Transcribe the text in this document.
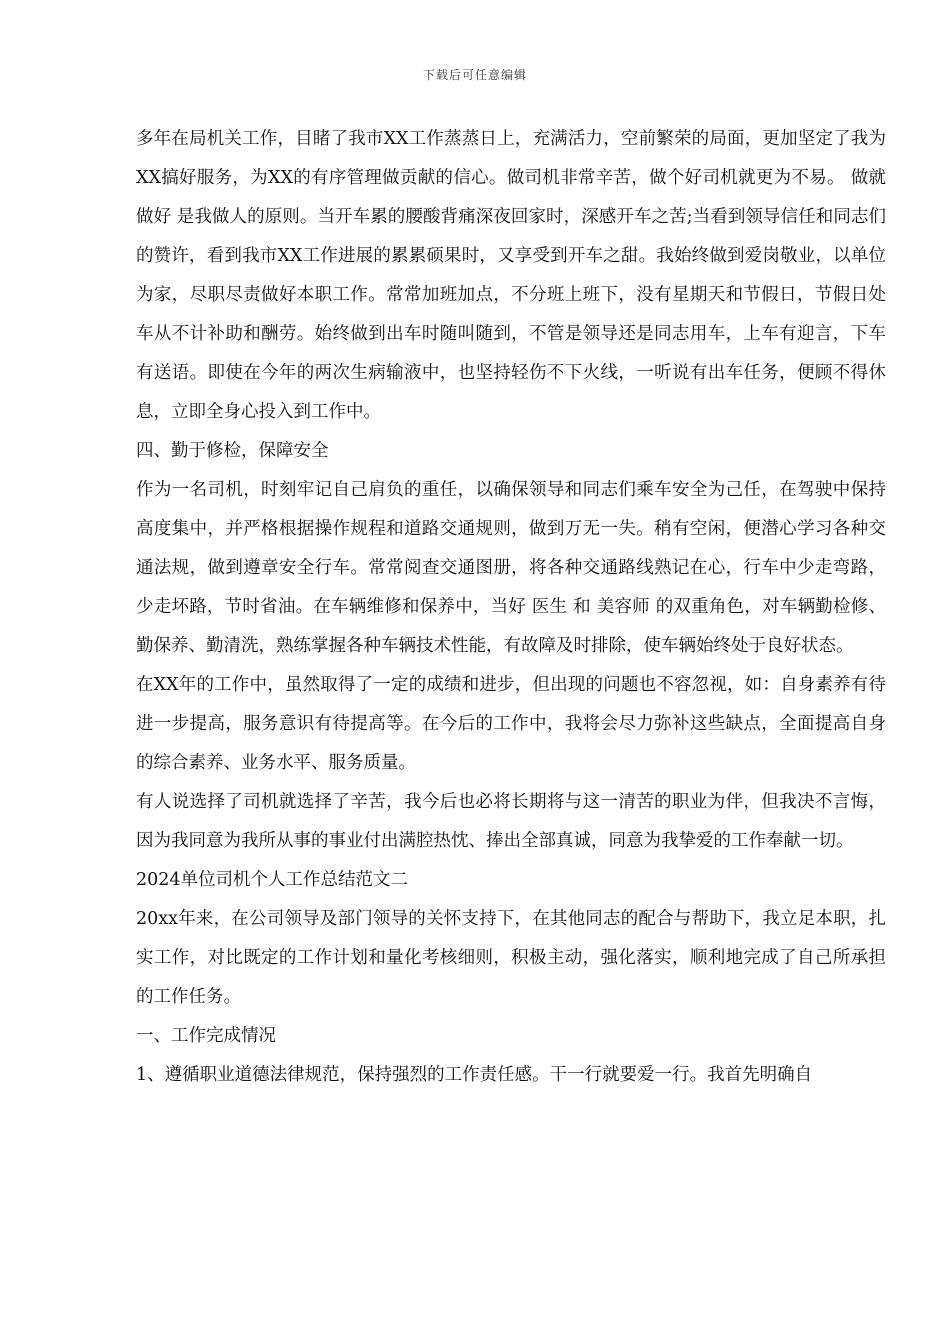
下载后可任意编辑

多年在局机关工作，目睹了我市XX工作蒸蒸日上，充满活力，空前繁荣的局面，更加坚定了我为XX搞好服务，为XX的有序管理做贡献的信心。做司机非常辛苦，做个好司机就更为不易。 做就做好 是我做人的原则。当开车累的腰酸背痛深夜回家时，深感开车之苦;当看到领导信任和同志们的赞许，看到我市XX工作进展的累累硕果时，又享受到开车之甜。我始终做到爱岗敬业，以单位为家，尽职尽责做好本职工作。常常加班加点，不分班上班下，没有星期天和节假日，节假日处车从不计补助和酬劳。始终做到出车时随叫随到，不管是领导还是同志用车，上车有迎言，下车有送语。即使在今年的两次生病输液中，也坚持轻伤不下火线，一听说有出车任务，便顾不得休息，立即全身心投入到工作中。

四、勤于修检，保障安全

作为一名司机，时刻牢记自己肩负的重任，以确保领导和同志们乘车安全为己任，在驾驶中保持高度集中，并严格根据操作规程和道路交通规则，做到万无一失。稍有空闲，便潜心学习各种交通法规，做到遵章安全行车。常常阅查交通图册，将各种交通路线熟记在心，行车中少走弯路，少走坏路，节时省油。在车辆维修和保养中，当好 医生 和 美容师 的双重角色，对车辆勤检修、勤保养、勤清洗，熟练掌握各种车辆技术性能，有故障及时排除，使车辆始终处于良好状态。

在XX年的工作中，虽然取得了一定的成绩和进步，但出现的问题也不容忽视，如：自身素养有待进一步提高，服务意识有待提高等。在今后的工作中，我将会尽力弥补这些缺点，全面提高自身的综合素养、业务水平、服务质量。

有人说选择了司机就选择了辛苦，我今后也必将长期将与这一清苦的职业为伴，但我决不言悔，因为我同意为我所从事的事业付出满腔热忱、捧出全部真诚，同意为我挚爱的工作奉献一切。

2024单位司机个人工作总结范文二

20xx年来，在公司领导及部门领导的关怀支持下，在其他同志的配合与帮助下，我立足本职，扎实工作，对比既定的工作计划和量化考核细则，积极主动，强化落实，顺利地完成了自己所承担的工作任务。

一、工作完成情况

1、遵循职业道德法律规范，保持强烈的工作责任感。干一行就要爱一行。我首先明确自
